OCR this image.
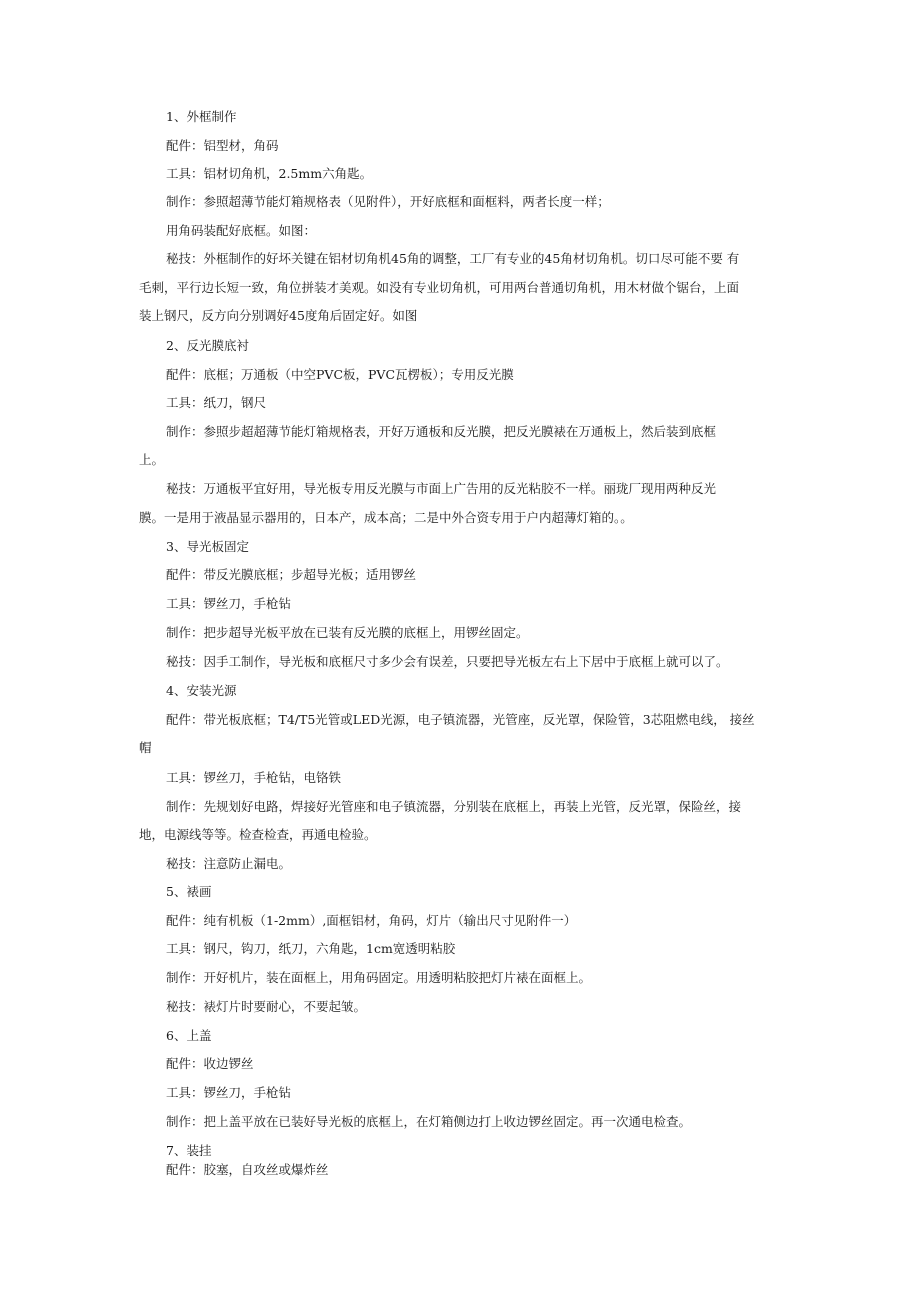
1、外框制作
配件：铝型材，角码
工具：铝材切角机，2.5mm六角匙。
制作：参照超薄节能灯箱规格表（见附件），开好底框和面框料，两者长度一样；
用角码装配好底框。如图：
秘技：外框制作的好坏关键在铝材切角机45角的调整，工厂有专业的45角材切角机。切口尽可能不要 有
毛刺，平行边长短一致，角位拼装才美观。如没有专业切角机，可用两台普通切角机，用木材做个锯台，上面
装上钢尺，反方向分别调好45度角后固定好。如图
2、反光膜底衬
配件：底框；万通板（中空PVC板，PVC瓦楞板）；专用反光膜
工具：纸刀，钢尺
制作：参照步超超薄节能灯箱规格表，开好万通板和反光膜，把反光膜裱在万通板上，然后装到底框
上。
秘技：万通板平宜好用，导光板专用反光膜与市面上广告用的反光粘胶不一样。丽珑厂现用两种反光
膜。一是用于液晶显示器用的，日本产，成本高；二是中外合资专用于户内超薄灯箱的。。
3、导光板固定
配件：带反光膜底框；步超导光板；适用锣丝
工具：锣丝刀，手枪钻
制作：把步超导光板平放在已装有反光膜的底框上，用锣丝固定。
秘技：因手工制作，导光板和底框尺寸多少会有误差，只要把导光板左右上下居中于底框上就可以了。
4、安装光源
配件：带光板底框；T4/T5光管或LED光源，电子镇流器，光管座，反光罩，保险管，3芯阻燃电线， 接丝
帽
工具：锣丝刀，手枪钻，电铬铁
制作：先规划好电路，焊接好光管座和电子镇流器，分别装在底框上，再装上光管，反光罩，保险丝，接
地，电源线等等。检查检查，再通电检验。
秘技：注意防止漏电。
5、裱画
配件：纯有机板（1-2mm）,面框铝材，角码，灯片（输出尺寸见附件一）
工具：钢尺，钩刀，纸刀，六角匙，1cm宽透明粘胶
制作：开好机片，装在面框上，用角码固定。用透明粘胶把灯片裱在面框上。
秘技：裱灯片时要耐心，不要起皱。
6、上盖
配件：收边锣丝
工具：锣丝刀，手枪钻
制作：把上盖平放在已装好导光板的底框上，在灯箱侧边打上收边锣丝固定。再一次通电检查。
7、装挂
配件：胶塞，自攻丝或爆炸丝
